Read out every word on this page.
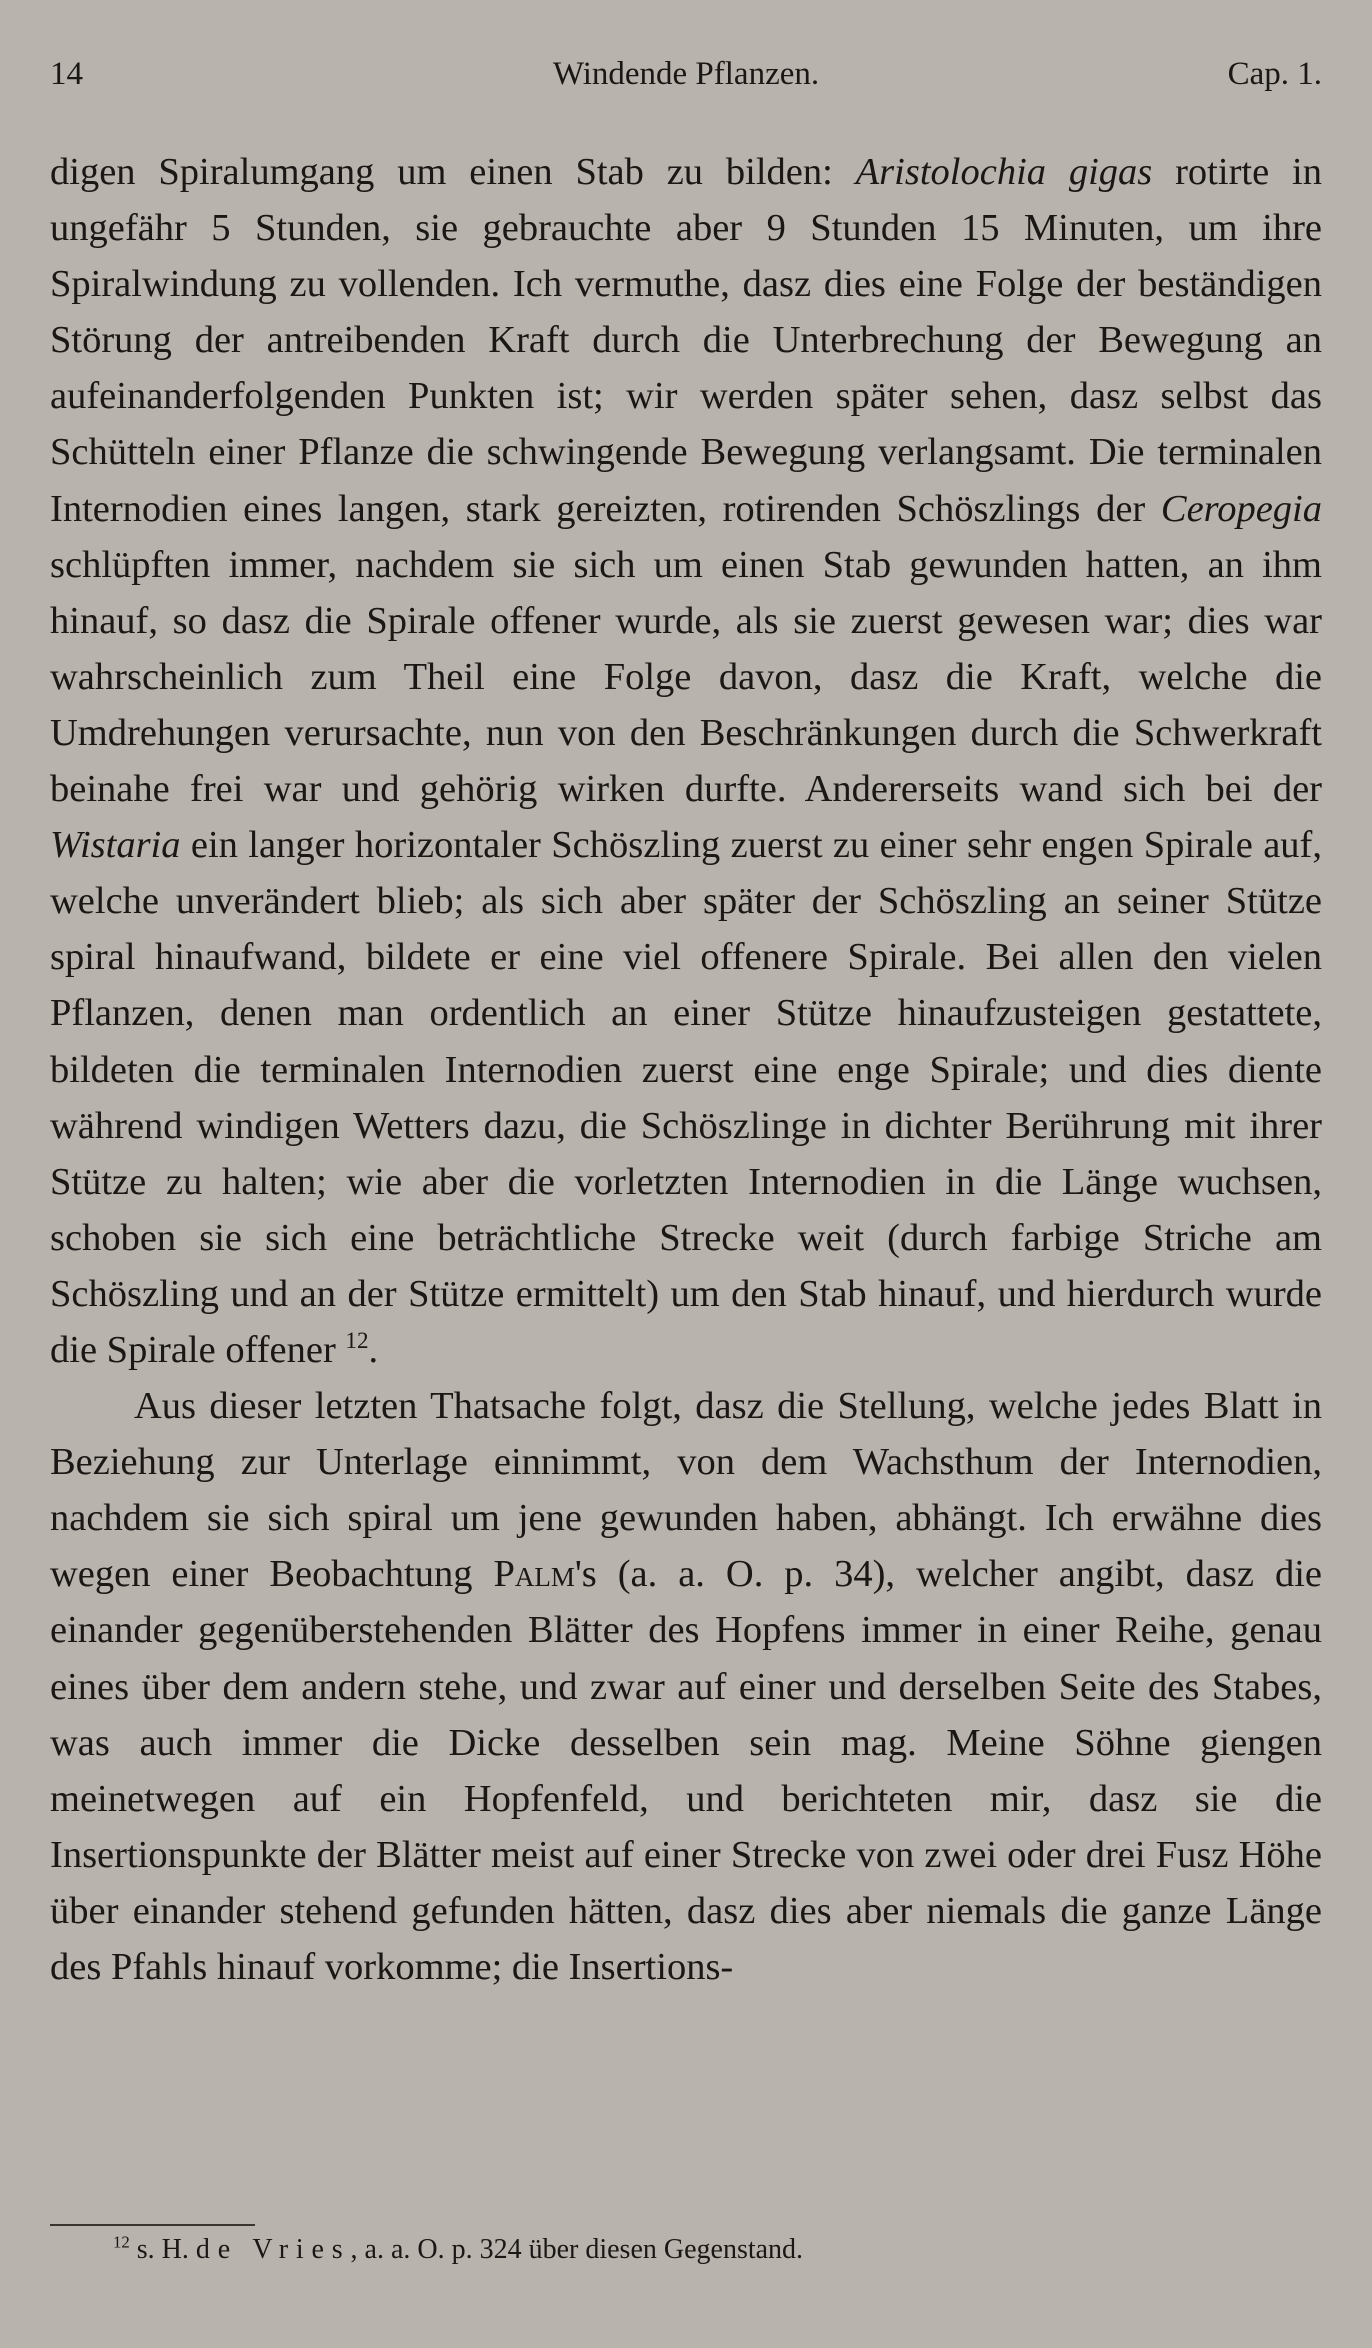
14	Windende Pflanzen.	Cap. 1.

digen Spiralumgang um einen Stab zu bilden: Aristolochia gigas rotirte in ungefähr 5 Stunden, sie gebrauchte aber 9 Stunden 15 Minuten, um ihre Spiralwindung zu vollenden. Ich vermuthe, dasz dies eine Folge der beständigen Störung der antreibenden Kraft durch die Unterbrechung der Bewegung an aufeinanderfolgenden Punkten ist; wir werden später sehen, dasz selbst das Schütteln einer Pflanze die schwingende Bewegung verlangsamt. Die terminalen Internodien eines langen, stark gereizten, rotirenden Schöszlings der Ceropegia schlüpften immer, nachdem sie sich um einen Stab gewunden hatten, an ihm hinauf, so dasz die Spirale offener wurde, als sie zuerst gewesen war; dies war wahrscheinlich zum Theil eine Folge davon, dasz die Kraft, welche die Umdrehungen verursachte, nun von den Beschränkungen durch die Schwerkraft beinahe frei war und gehörig wirken durfte. Andererseits wand sich bei der Wistaria ein langer horizontaler Schöszling zuerst zu einer sehr engen Spirale auf, welche unverändert blieb; als sich aber später der Schöszling an seiner Stütze spiral hinaufwand, bildete er eine viel offenere Spirale. Bei allen den vielen Pflanzen, denen man ordentlich an einer Stütze hinaufzusteigen gestattete, bildeten die terminalen Internodien zuerst eine enge Spirale; und dies diente während windigen Wetters dazu, die Schöszlinge in dichter Berührung mit ihrer Stütze zu halten; wie aber die vorletzten Internodien in die Länge wuchsen, schoben sie sich eine beträchtliche Strecke weit (durch farbige Striche am Schöszling und an der Stütze ermittelt) um den Stab hinauf, und hierdurch wurde die Spirale offener $^{12}$.

Aus dieser letzten Thatsache folgt, dasz die Stellung, welche jedes Blatt in Beziehung zur Unterlage einnimmt, von dem Wachsthum der Internodien, nachdem sie sich spiral um jene gewunden haben, abhängt. Ich erwähne dies wegen einer Beobachtung Palm's (a. a. O. p. 34), welcher angibt, dasz die einander gegenüberstehenden Blätter des Hopfens immer in einer Reihe, genau eines über dem andern stehe, und zwar auf einer und derselben Seite des Stabes, was auch immer die Dicke desselben sein mag. Meine Söhne giengen meinetwegen auf ein Hopfenfeld, und berichteten mir, dasz sie die Insertionspunkte der Blätter meist auf einer Strecke von zwei oder drei Fusz Höhe über einander stehend gefunden hätten, dasz dies aber niemals die ganze Länge des Pfahls hinauf vorkomme; die Insertions-

$^{12}$ s. H. de Vries, a. a. O. p. 324 über diesen Gegenstand.
